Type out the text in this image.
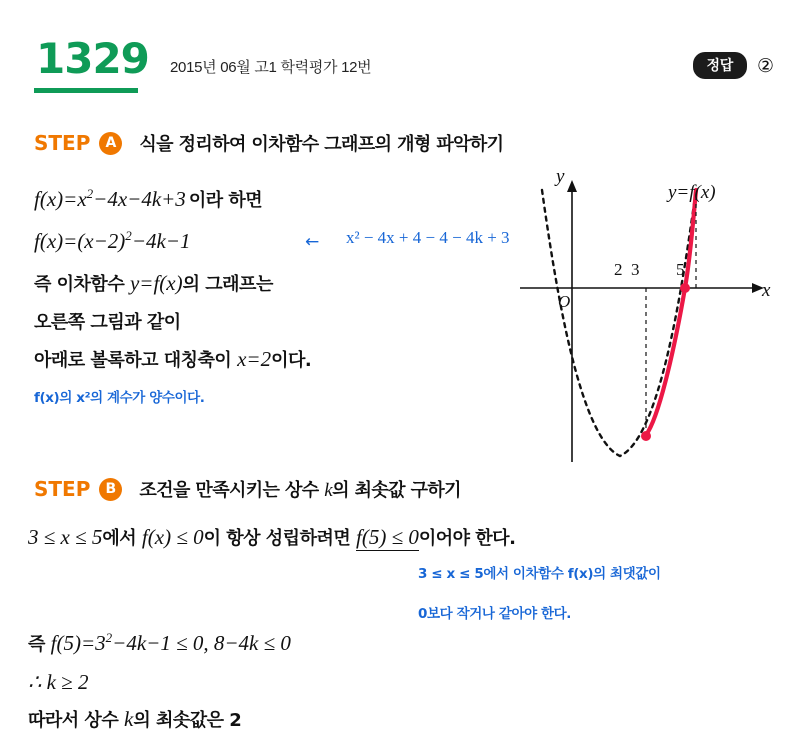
1329 2015년 06월 고1 학력평가 12번	정답	②
STEP	A	식을 정리하여 이차함수 그래프의 개형 파악하기
$f(x)=x^2-4x-4k+3$ 이라 하면
$f(x)=(x-2)^2-4k-1$	← x² − 4x + 4 − 4 − 4k + 3
즉 이차함수 y=f(x)의 그래프는
오른쪽 그림과 같이
아래로 볼록하고 대칭축이 x=2이다.
f(x)의 x²의 계수가 양수이다.
y
x
O
2 3 5
y=f(x)
STEP	B	조건을 만족시키는 상수 k의 최솟값 구하기
3 ≤ x ≤ 5에서 f(x) ≤ 0이 항상 성립하려면 f(5) ≤ 0이어야 한다.
3 ≤ x ≤ 5에서 이차함수 f(x)의 최댓값이
0보다 작거나 같아야 한다.
즉 $f(5)=3^2-4k-1 \le 0$, 8−4k ≤ 0
∴ k ≥ 2
따라서 상수 k의 최솟값은 2
